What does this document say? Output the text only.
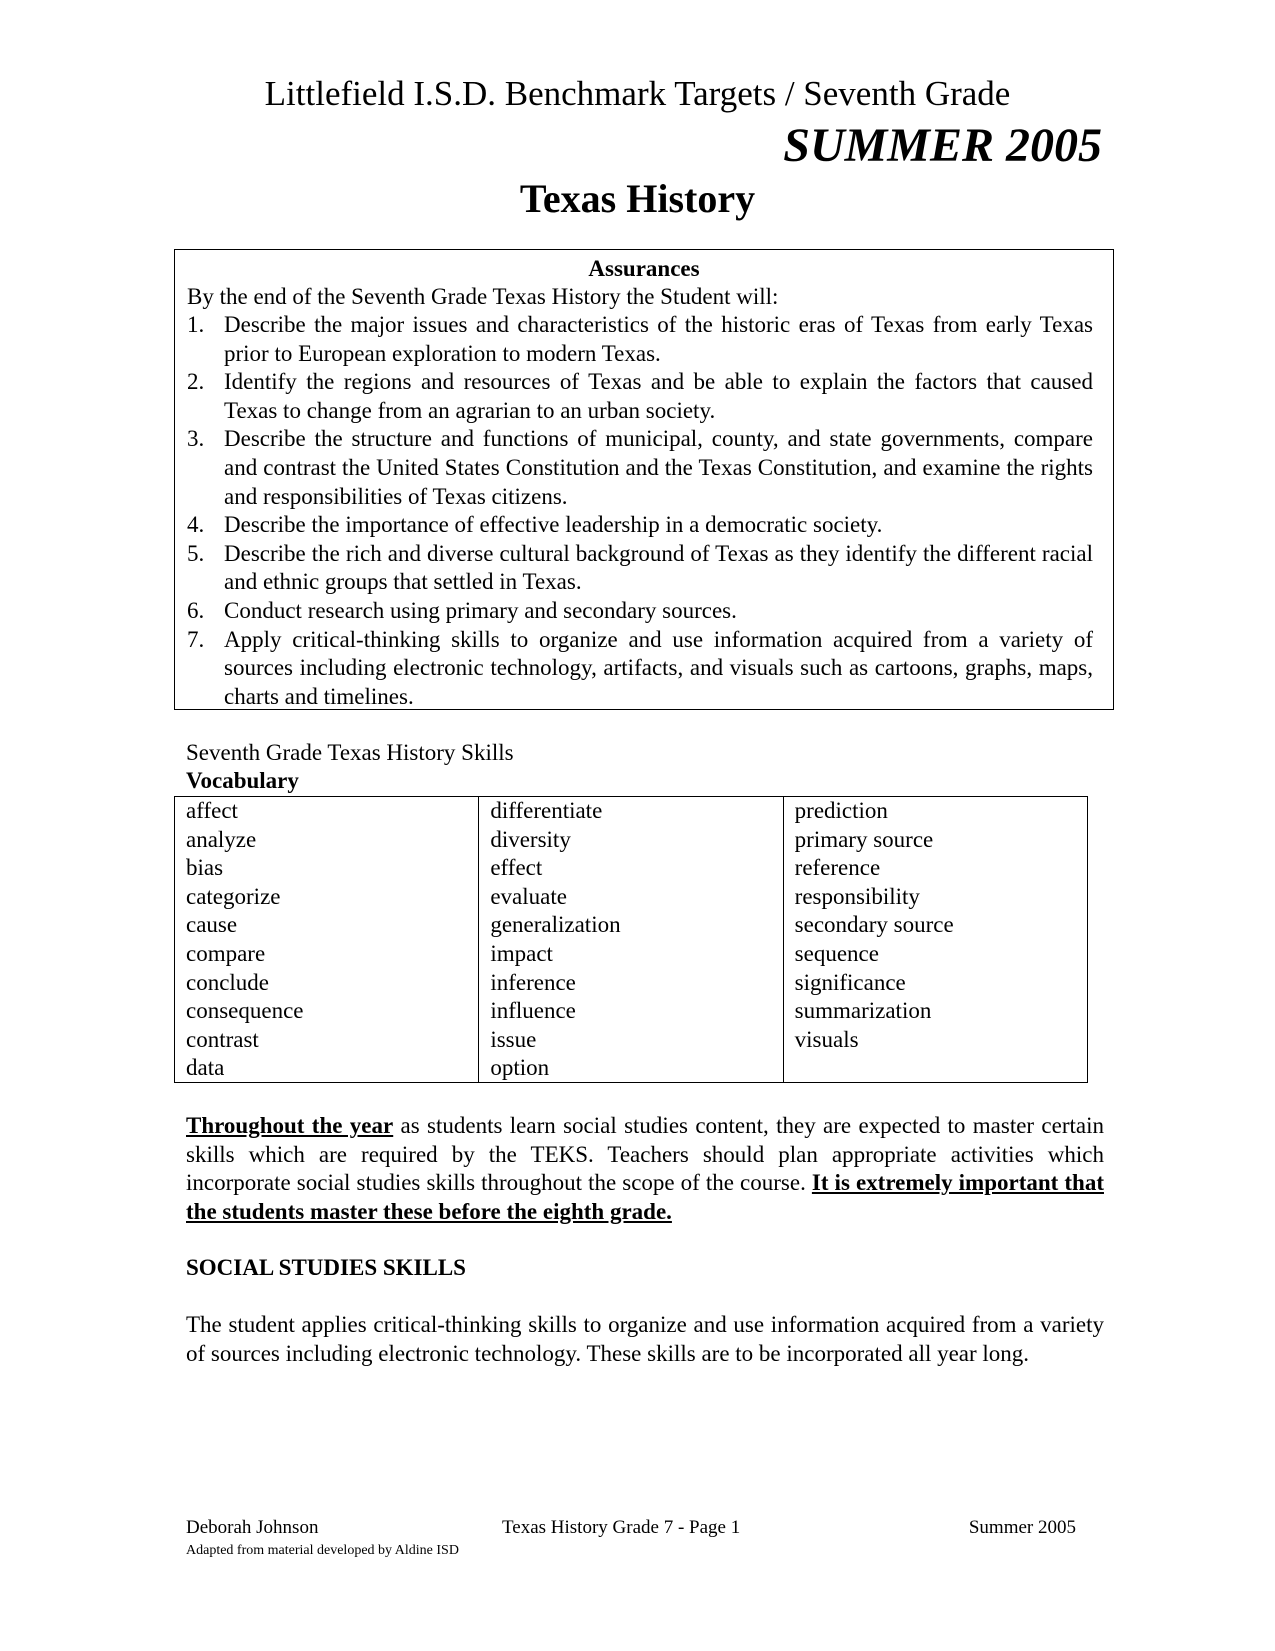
Littlefield I.S.D. Benchmark Targets / Seventh Grade
SUMMER 2005
Texas History
Assurances
By the end of the Seventh Grade Texas History the Student will:
1. Describe the major issues and characteristics of the historic eras of Texas from early Texas prior to European exploration to modern Texas.
2. Identify the regions and resources of Texas and be able to explain the factors that caused Texas to change from an agrarian to an urban society.
3. Describe the structure and functions of municipal, county, and state governments, compare and contrast the United States Constitution and the Texas Constitution, and examine the rights and responsibilities of Texas citizens.
4. Describe the importance of effective leadership in a democratic society.
5. Describe the rich and diverse cultural background of Texas as they identify the different racial and ethnic groups that settled in Texas.
6. Conduct research using primary and secondary sources.
7. Apply critical-thinking skills to organize and use information acquired from a variety of sources including electronic technology, artifacts, and visuals such as cartoons, graphs, maps, charts and timelines.
Seventh Grade Texas History Skills
Vocabulary
affect
analyze
bias
categorize
cause
compare
conclude
consequence
contrast
data
differentiate
diversity
effect
evaluate
generalization
impact
inference
influence
issue
option
prediction
primary source
reference
responsibility
secondary source
sequence
significance
summarization
visuals
Throughout the year as students learn social studies content, they are expected to master certain skills which are required by the TEKS. Teachers should plan appropriate activities which incorporate social studies skills throughout the scope of the course. It is extremely important that the students master these before the eighth grade.
SOCIAL STUDIES SKILLS
The student applies critical-thinking skills to organize and use information acquired from a variety of sources including electronic technology. These skills are to be incorporated all year long.
Deborah Johnson	Texas History Grade 7 - Page 1	Summer 2005
Adapted from material developed by Aldine ISD
